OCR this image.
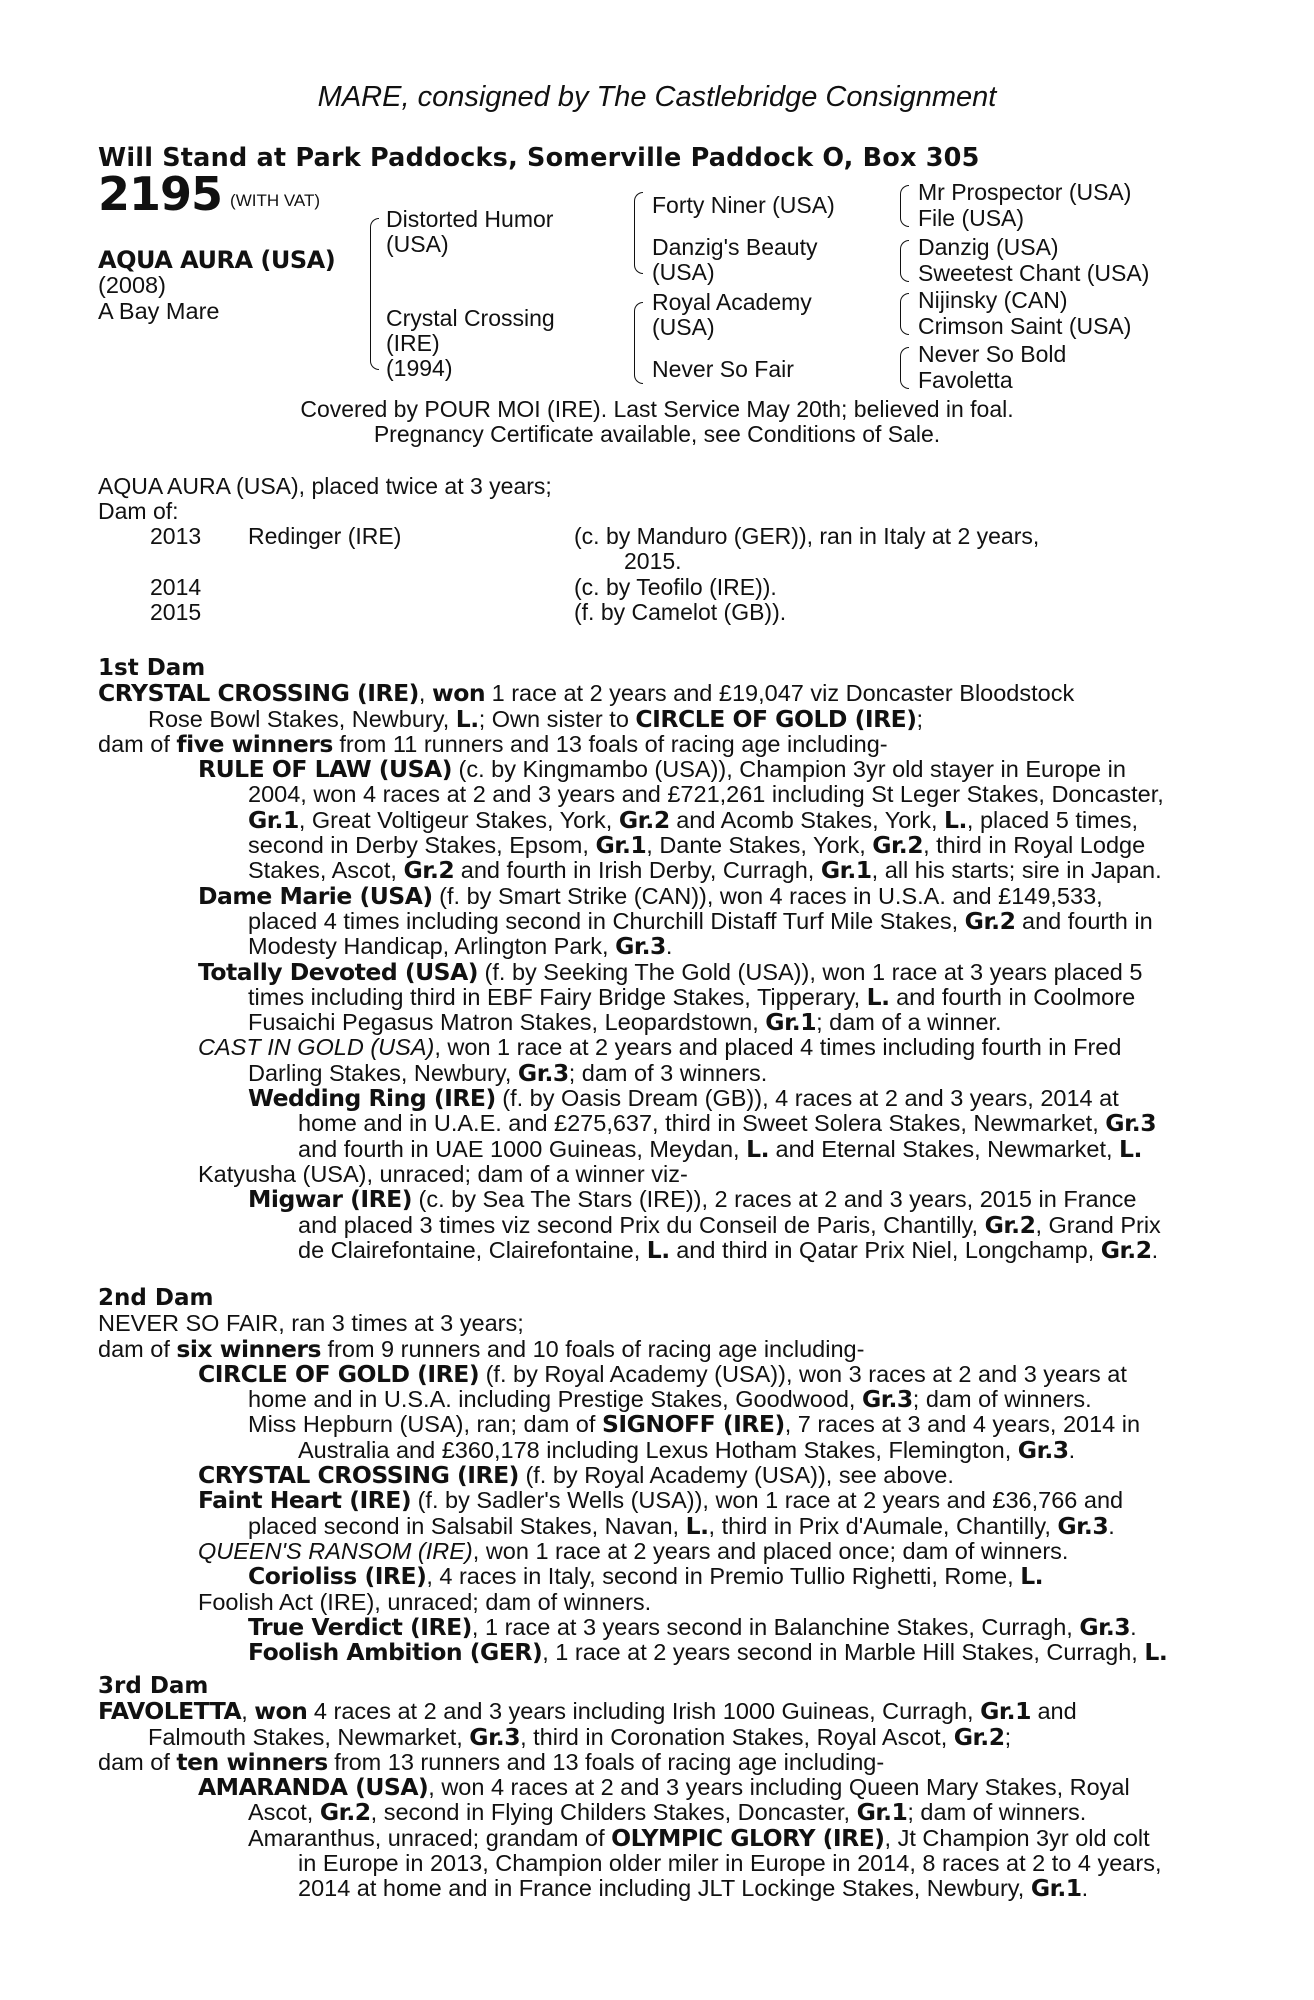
MARE, consigned by The Castlebridge Consignment
Will Stand at Park Paddocks, Somerville Paddock O, Box 305
2195 (WITH VAT)
AQUA AURA (USA)
(2008)
A Bay Mare
Distorted Humor
(USA)
Crystal Crossing
(IRE)
(1994)
Forty Niner (USA)
Danzig's Beauty
(USA)
Royal Academy
(USA)
Never So Fair
Mr Prospector (USA)
File (USA)
Danzig (USA)
Sweetest Chant (USA)
Nijinsky (CAN)
Crimson Saint (USA)
Never So Bold
Favoletta
Covered by POUR MOI (IRE). Last Service May 20th; believed in foal.
Pregnancy Certificate available, see Conditions of Sale.
AQUA AURA (USA), placed twice at 3 years;
Dam of:
2013 Redinger (IRE)	(c. by Manduro (GER)), ran in Italy at 2 years,
2015.
2014	(c. by Teofilo (IRE)).
2015	(f. by Camelot (GB)).
1st Dam
CRYSTAL CROSSING (IRE), won 1 race at 2 years and £19,047 viz Doncaster Bloodstock
Rose Bowl Stakes, Newbury, L.; Own sister to CIRCLE OF GOLD (IRE);
dam of five winners from 11 runners and 13 foals of racing age including-
RULE OF LAW (USA) (c. by Kingmambo (USA)), Champion 3yr old stayer in Europe in
2004, won 4 races at 2 and 3 years and £721,261 including St Leger Stakes, Doncaster,
Gr.1, Great Voltigeur Stakes, York, Gr.2 and Acomb Stakes, York, L., placed 5 times,
second in Derby Stakes, Epsom, Gr.1, Dante Stakes, York, Gr.2, third in Royal Lodge
Stakes, Ascot, Gr.2 and fourth in Irish Derby, Curragh, Gr.1, all his starts; sire in Japan.
Dame Marie (USA) (f. by Smart Strike (CAN)), won 4 races in U.S.A. and £149,533,
placed 4 times including second in Churchill Distaff Turf Mile Stakes, Gr.2 and fourth in
Modesty Handicap, Arlington Park, Gr.3.
Totally Devoted (USA) (f. by Seeking The Gold (USA)), won 1 race at 3 years placed 5
times including third in EBF Fairy Bridge Stakes, Tipperary, L. and fourth in Coolmore
Fusaichi Pegasus Matron Stakes, Leopardstown, Gr.1; dam of a winner.
CAST IN GOLD (USA), won 1 race at 2 years and placed 4 times including fourth in Fred
Darling Stakes, Newbury, Gr.3; dam of 3 winners.
Wedding Ring (IRE) (f. by Oasis Dream (GB)), 4 races at 2 and 3 years, 2014 at
home and in U.A.E. and £275,637, third in Sweet Solera Stakes, Newmarket, Gr.3
and fourth in UAE 1000 Guineas, Meydan, L. and Eternal Stakes, Newmarket, L.
Katyusha (USA), unraced; dam of a winner viz-
Migwar (IRE) (c. by Sea The Stars (IRE)), 2 races at 2 and 3 years, 2015 in France
and placed 3 times viz second Prix du Conseil de Paris, Chantilly, Gr.2, Grand Prix
de Clairefontaine, Clairefontaine, L. and third in Qatar Prix Niel, Longchamp, Gr.2.
2nd Dam
NEVER SO FAIR, ran 3 times at 3 years;
dam of six winners from 9 runners and 10 foals of racing age including-
CIRCLE OF GOLD (IRE) (f. by Royal Academy (USA)), won 3 races at 2 and 3 years at
home and in U.S.A. including Prestige Stakes, Goodwood, Gr.3; dam of winners.
Miss Hepburn (USA), ran; dam of SIGNOFF (IRE), 7 races at 3 and 4 years, 2014 in
Australia and £360,178 including Lexus Hotham Stakes, Flemington, Gr.3.
CRYSTAL CROSSING (IRE) (f. by Royal Academy (USA)), see above.
Faint Heart (IRE) (f. by Sadler's Wells (USA)), won 1 race at 2 years and £36,766 and
placed second in Salsabil Stakes, Navan, L., third in Prix d'Aumale, Chantilly, Gr.3.
QUEEN'S RANSOM (IRE), won 1 race at 2 years and placed once; dam of winners.
Corioliss (IRE), 4 races in Italy, second in Premio Tullio Righetti, Rome, L.
Foolish Act (IRE), unraced; dam of winners.
True Verdict (IRE), 1 race at 3 years second in Balanchine Stakes, Curragh, Gr.3.
Foolish Ambition (GER), 1 race at 2 years second in Marble Hill Stakes, Curragh, L.
3rd Dam
FAVOLETTA, won 4 races at 2 and 3 years including Irish 1000 Guineas, Curragh, Gr.1 and
Falmouth Stakes, Newmarket, Gr.3, third in Coronation Stakes, Royal Ascot, Gr.2;
dam of ten winners from 13 runners and 13 foals of racing age including-
AMARANDA (USA), won 4 races at 2 and 3 years including Queen Mary Stakes, Royal
Ascot, Gr.2, second in Flying Childers Stakes, Doncaster, Gr.1; dam of winners.
Amaranthus, unraced; grandam of OLYMPIC GLORY (IRE), Jt Champion 3yr old colt
in Europe in 2013, Champion older miler in Europe in 2014, 8 races at 2 to 4 years,
2014 at home and in France including JLT Lockinge Stakes, Newbury, Gr.1.
